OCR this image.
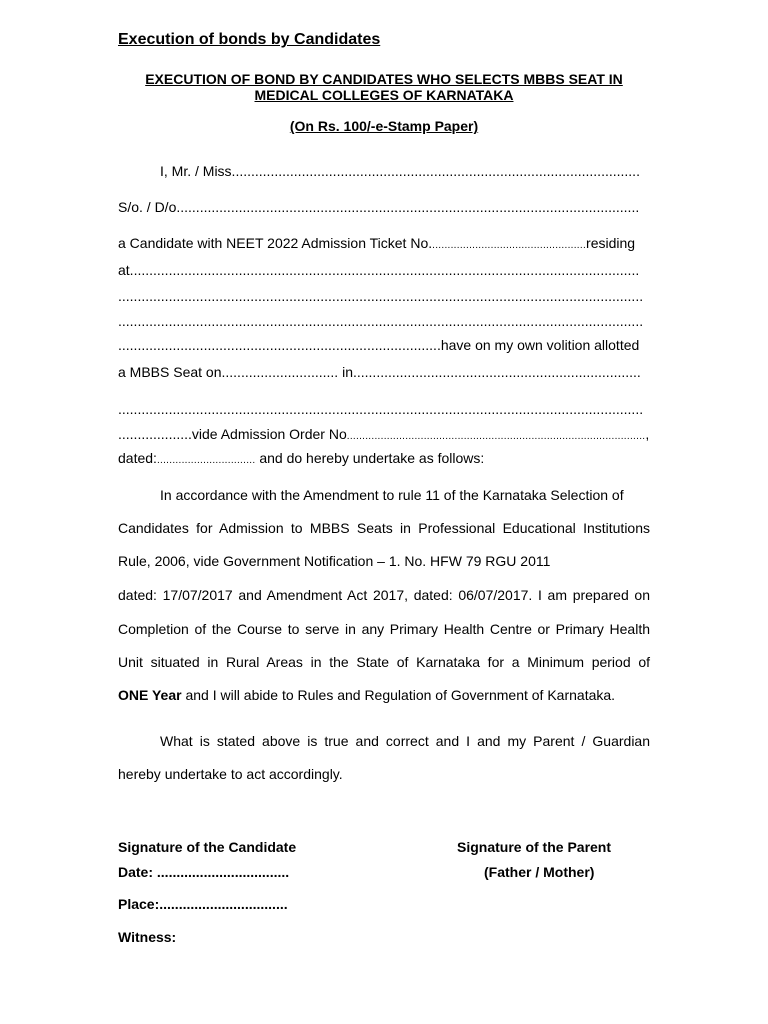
Execution of bonds by Candidates
EXECUTION OF BOND BY CANDIDATES WHO SELECTS MBBS SEAT IN MEDICAL COLLEGES OF KARNATAKA
(On Rs. 100/-e-Stamp Paper)
I, Mr. / Miss.........................................................................................................
S/o. / D/o.......................................................................................................................
a Candidate with NEET 2022 Admission Ticket No...................................................residing
at...................................................................................................................................
.......................................................................................................................................
.......................................................................................................................................
...................................................................................have on my own volition allotted
a MBBS Seat on.............................. in..........................................................................
.......................................................................................................................................
...................vide Admission Order No.................................................................................................,
dated:................................ and do hereby undertake as follows:
In accordance with the Amendment to rule 11 of the Karnataka Selection of
Candidates for Admission to MBBS Seats in Professional Educational Institutions
Rule, 2006, vide Government Notification – 1. No. HFW 79 RGU 2011
dated: 17/07/2017 and Amendment Act 2017, dated: 06/07/2017. I am prepared on
Completion of the Course to serve in any Primary Health Centre or Primary Health
Unit situated in Rural Areas in the State of Karnataka for a Minimum period of
ONE Year and I will abide to Rules and Regulation of Government of Karnataka.
What is stated above is true and correct and I and my Parent / Guardian
hereby undertake to act accordingly.
Signature of the Candidate	Signature of the Parent
Date: ..................................	(Father / Mother)
Place:.................................
Witness:
